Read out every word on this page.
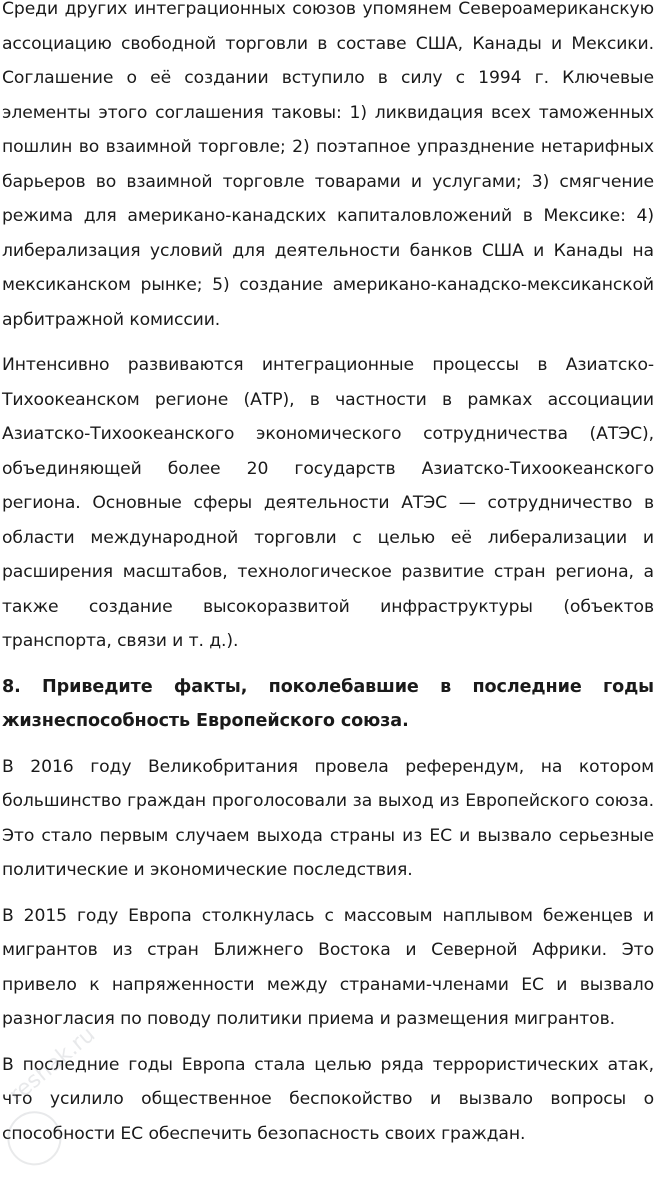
Среди других интеграционных союзов упомянем Североамериканскую ассоциацию свободной торговли в составе США, Канады и Мексики. Соглашение о её создании вступило в силу с 1994 г. Ключевые элементы этого соглашения таковы: 1) ликвидация всех таможенных пошлин во взаимной торговле; 2) поэтапное упразднение нетарифных барьеров во взаимной торговле товарами и услугами; 3) смягчение режима для американо-канадских капиталовложений в Мексике: 4) либерализация условий для деятельности банков США и Канады на мексиканском рынке; 5) создание американо-канадско-мексиканской арбитражной комиссии.

Интенсивно развиваются интеграционные процессы в Азиатско-Тихоокеанском регионе (АТР), в частности в рамках ассоциации Азиатско-Тихоокеанского экономического сотрудничества (АТЭС), объединяющей более 20 государств Азиатско-Тихоокеанского региона. Основные сферы деятельности АТЭС — сотрудничество в области международной торговли с целью её либерализации и расширения масштабов, технологическое развитие стран региона, а также создание высокоразвитой инфраструктуры (объектов транспорта, связи и т. д.).

8. Приведите факты, поколебавшие в последние годы жизнеспособность Европейского союза.

В 2016 году Великобритания провела референдум, на котором большинство граждан проголосовали за выход из Европейского союза. Это стало первым случаем выхода страны из ЕС и вызвало серьезные политические и экономические последствия.

В 2015 году Европа столкнулась с массовым наплывом беженцев и мигрантов из стран Ближнего Востока и Северной Африки. Это привело к напряженности между странами-членами ЕС и вызвало разногласия по поводу политики приема и размещения мигрантов.

В последние годы Европа стала целью ряда террористических атак, что усилило общественное беспокойство и вызвало вопросы о способности ЕС обеспечить безопасность своих граждан.

reshak.ru
